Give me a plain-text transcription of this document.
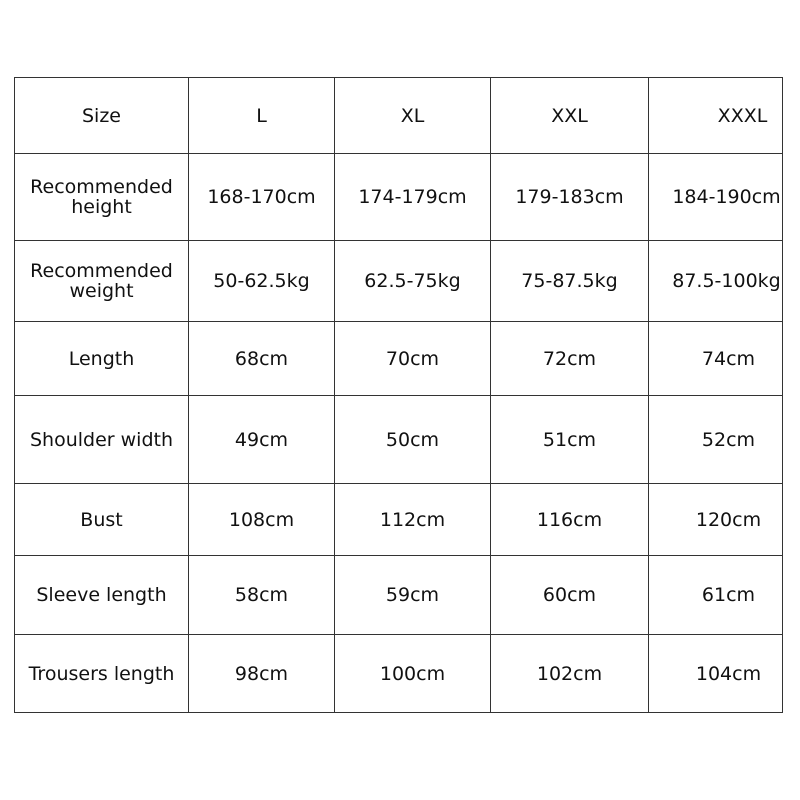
Size	L	XL	XXL	XXXL

Recommended
height	168-170cm	174-179cm	179-183cm	184-190cm

Recommended
weight	50-62.5kg	62.5-75kg	75-87.5kg	87.5-100kg
Length	68cm	70cm	72cm	74cm
Shoulder width	49cm	50cm	51cm	52cm
Bust	108cm	112cm	116cm	120cm
Sleeve length	58cm	59cm	60cm	61cm
Trousers length	98cm	100cm	102cm	104cm
